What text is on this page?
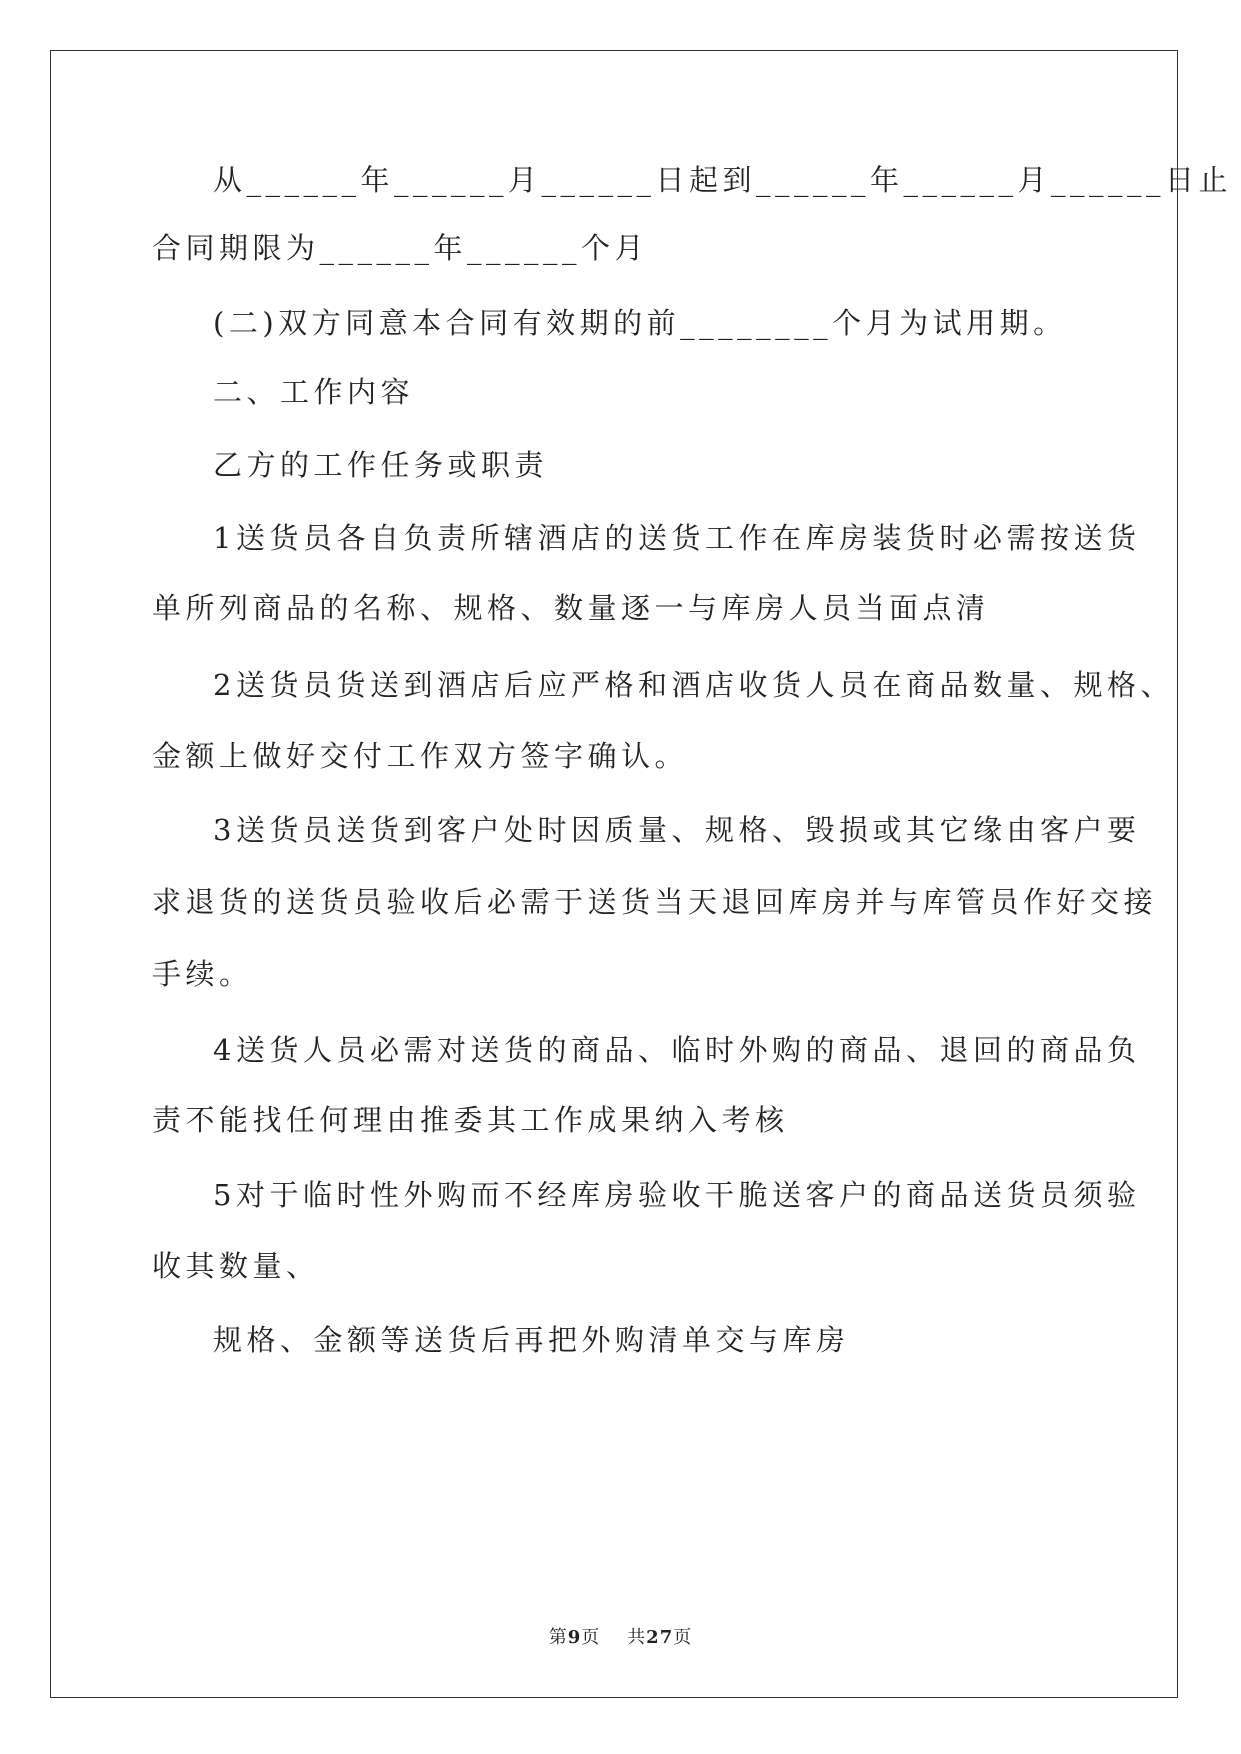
从______年______月______日起到______年______月______日止
合同期限为______年______个月
(二)双方同意本合同有效期的前________个月为试用期。
二、工作内容
乙方的工作任务或职责
1送货员各自负责所辖酒店的送货工作在库房装货时必需按送货
单所列商品的名称、规格、数量逐一与库房人员当面点清
2送货员货送到酒店后应严格和酒店收货人员在商品数量、规格、
金额上做好交付工作双方签字确认。
3送货员送货到客户处时因质量、规格、毁损或其它缘由客户要
求退货的送货员验收后必需于送货当天退回库房并与库管员作好交接
手续。
4送货人员必需对送货的商品、临时外购的商品、退回的商品负
责不能找任何理由推委其工作成果纳入考核
5对于临时性外购而不经库房验收干脆送客户的商品送货员须验
收其数量、
规格、金额等送货后再把外购清单交与库房
第9页 共27页
